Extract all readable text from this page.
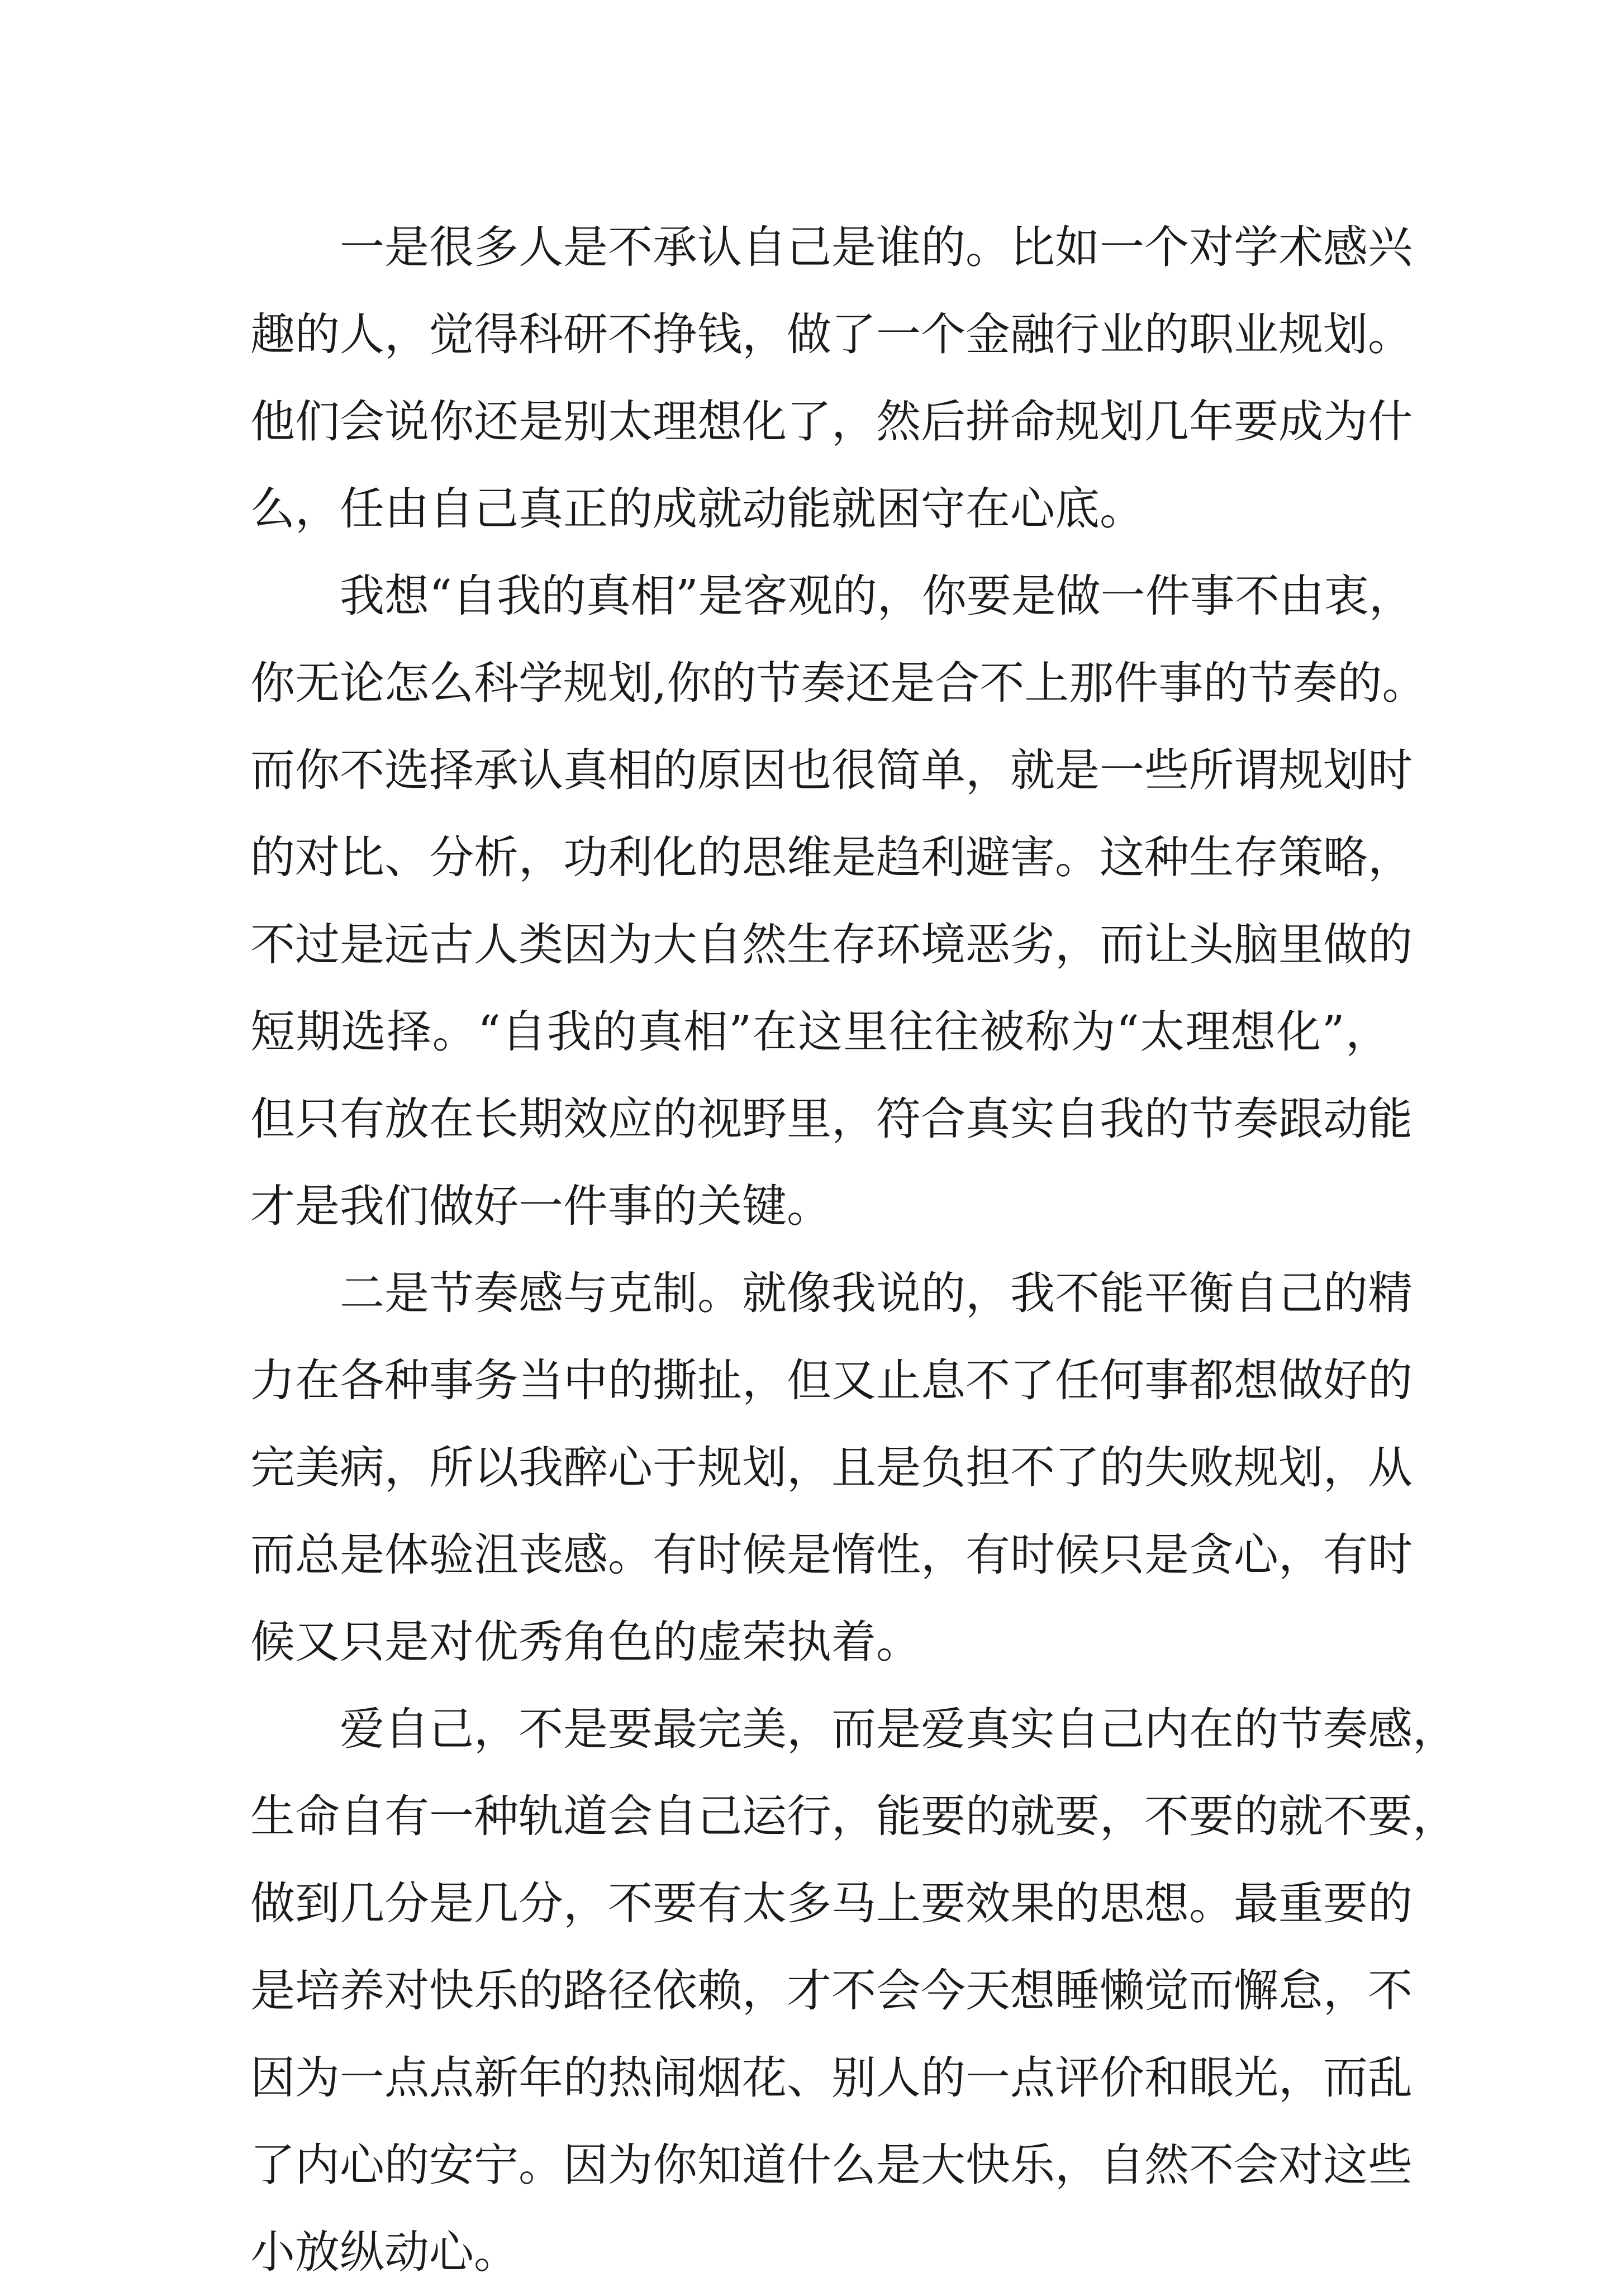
一是很多人是不承认自己是谁的。比如一个对学术感兴
趣的人，觉得科研不挣钱，做了一个金融行业的职业规划。
他们会说你还是别太理想化了，然后拼命规划几年要成为什
么，任由自己真正的成就动能就困守在心底。
我想“自我的真相”是客观的，你要是做一件事不由衷，
你无论怎么科学规划,你的节奏还是合不上那件事的节奏的。
而你不选择承认真相的原因也很简单，就是一些所谓规划时
的对比、分析，功利化的思维是趋利避害。这种生存策略，
不过是远古人类因为大自然生存环境恶劣，而让头脑里做的
短期选择。“自我的真相”在这里往往被称为“太理想化”，
但只有放在长期效应的视野里，符合真实自我的节奏跟动能
才是我们做好一件事的关键。
二是节奏感与克制。就像我说的，我不能平衡自己的精
力在各种事务当中的撕扯，但又止息不了任何事都想做好的
完美病，所以我醉心于规划，且是负担不了的失败规划，从
而总是体验沮丧感。有时候是惰性，有时候只是贪心，有时
候又只是对优秀角色的虚荣执着。
爱自己，不是要最完美，而是爱真实自己内在的节奏感，
生命自有一种轨道会自己运行，能要的就要，不要的就不要，
做到几分是几分，不要有太多马上要效果的思想。最重要的
是培养对快乐的路径依赖，才不会今天想睡懒觉而懈怠，不
因为一点点新年的热闹烟花、别人的一点评价和眼光，而乱
了内心的安宁。因为你知道什么是大快乐，自然不会对这些
小放纵动心。
